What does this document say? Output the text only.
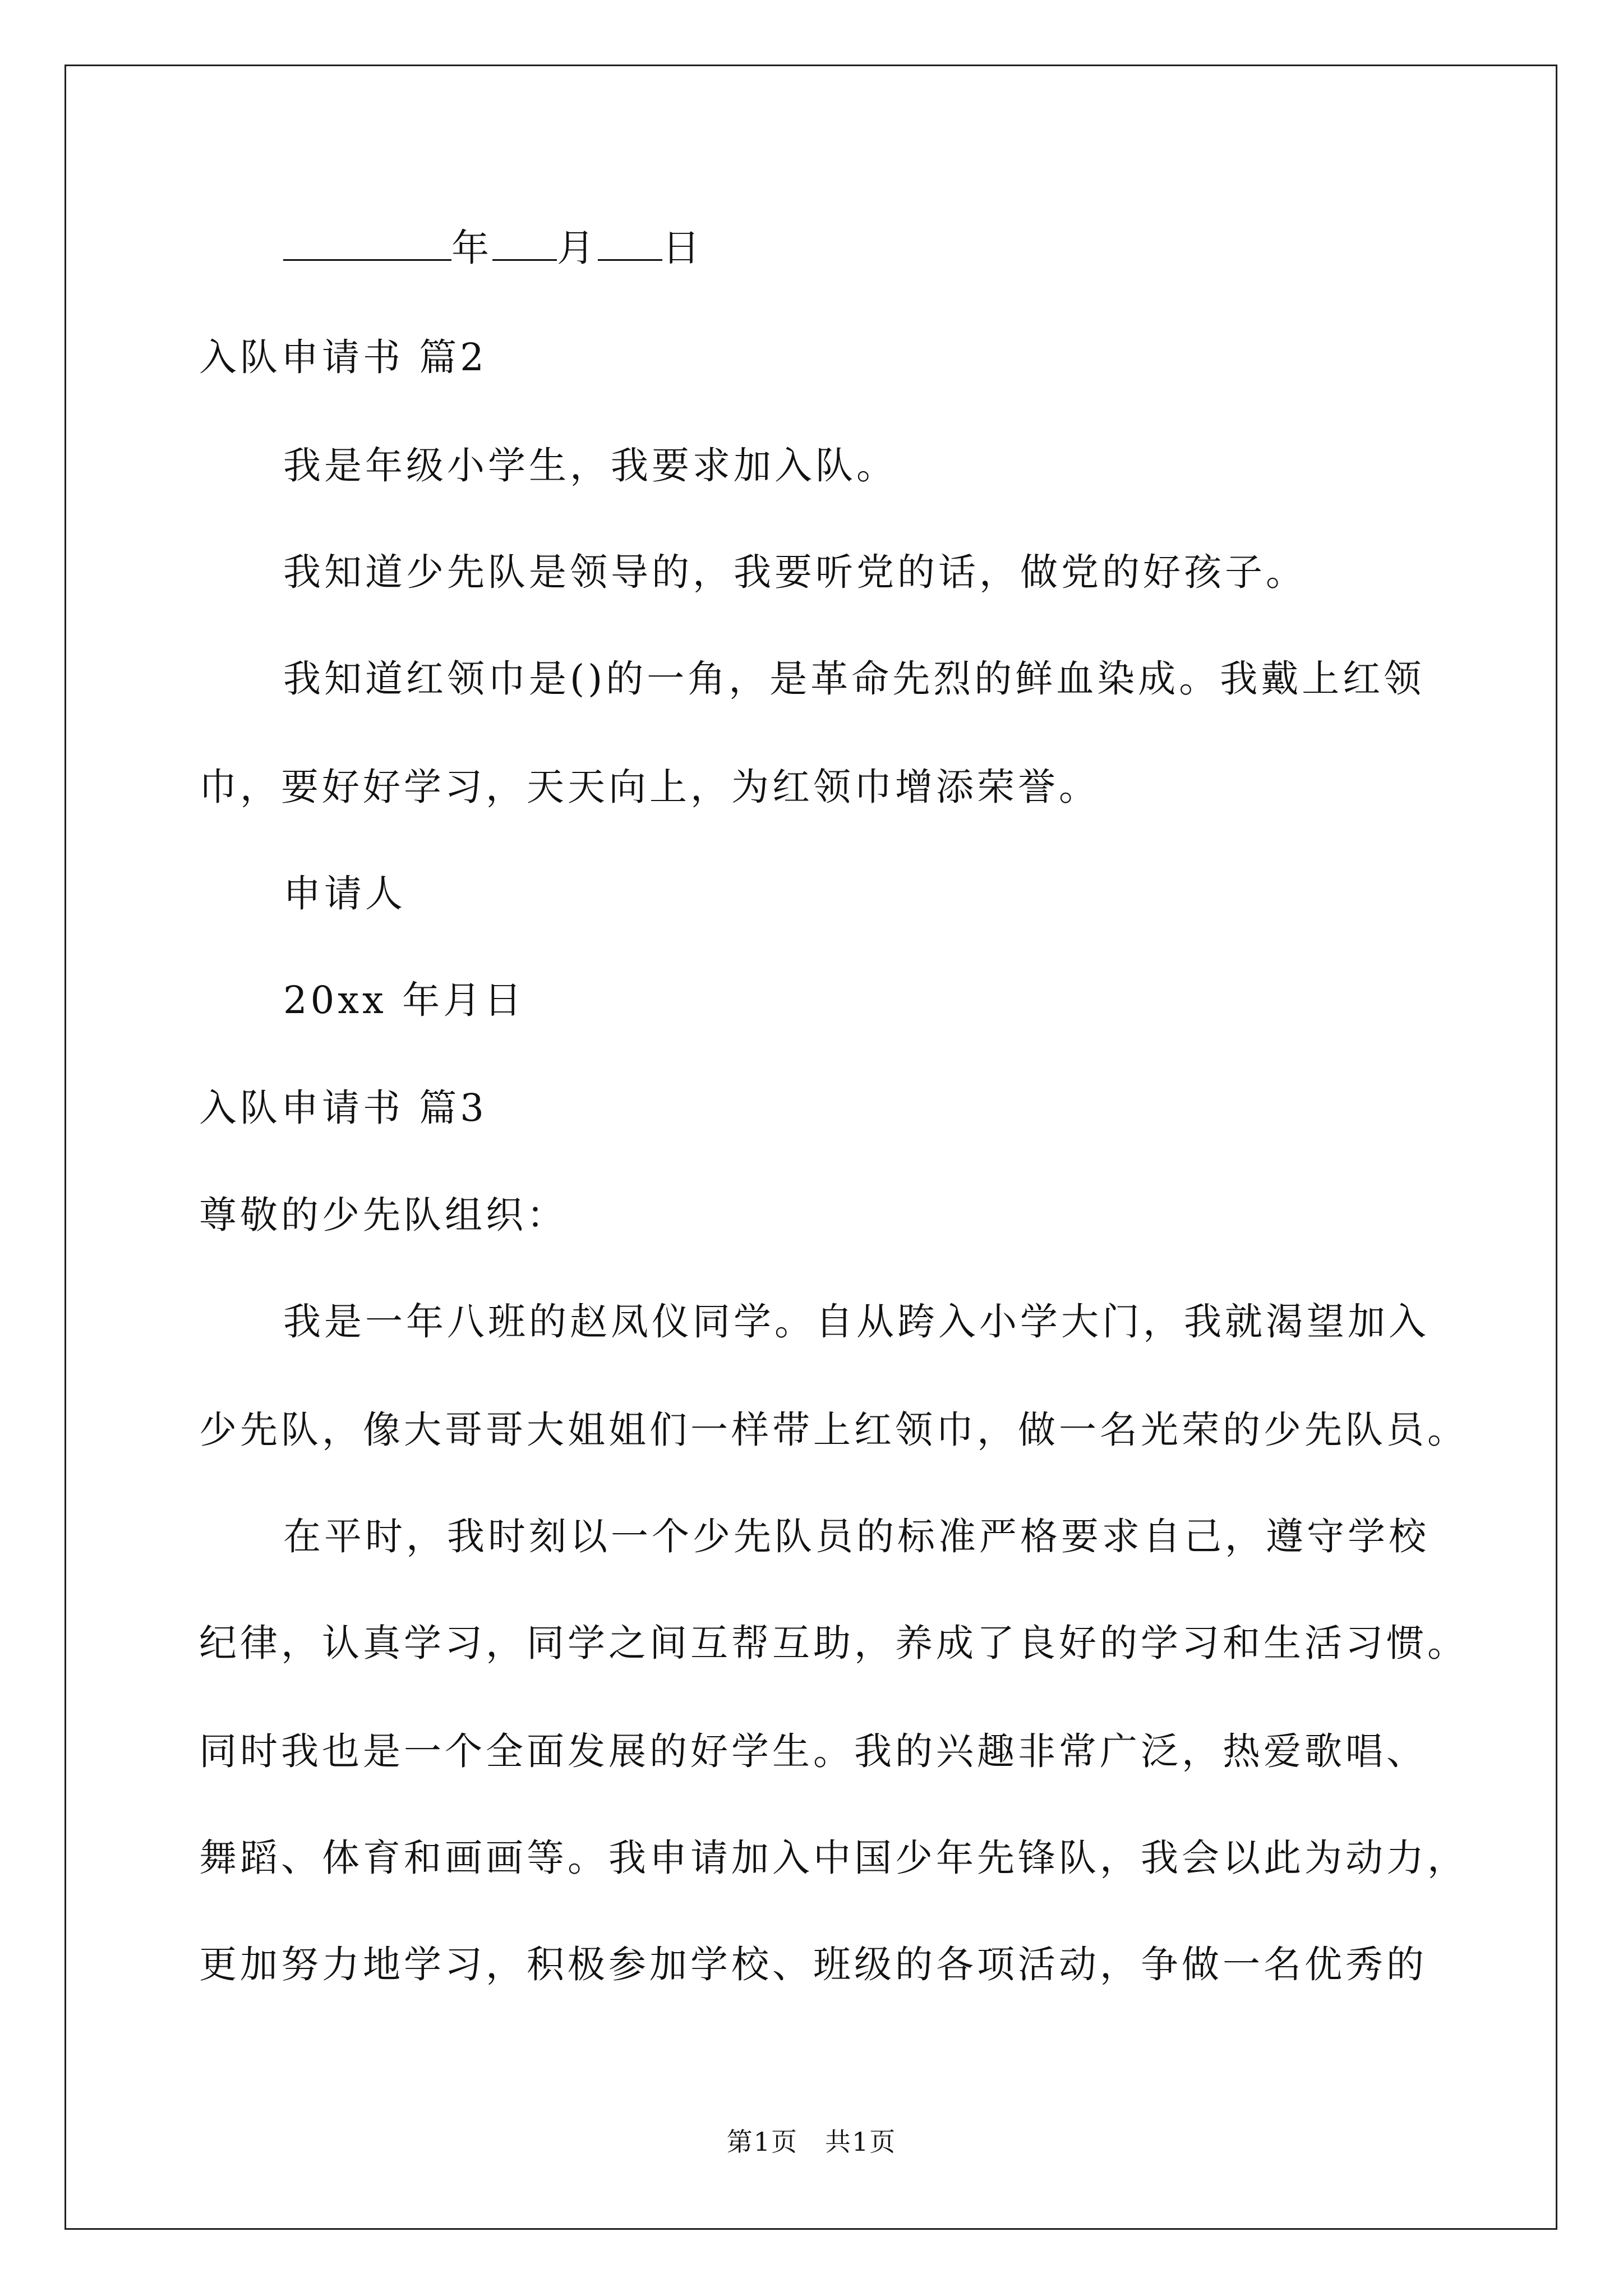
年 月 日
入队申请书 篇2
我是年级小学生，我要求加入队。
我知道少先队是领导的，我要听党的话，做党的好孩子。
我知道红领巾是()的一角，是革命先烈的鲜血染成。我戴上红领
巾，要好好学习，天天向上，为红领巾增添荣誉。
申请人
20xx 年月日
入队申请书 篇3
尊敬的少先队组织：
我是一年八班的赵凤仪同学。自从跨入小学大门，我就渴望加入
少先队，像大哥哥大姐姐们一样带上红领巾，做一名光荣的少先队员。
在平时，我时刻以一个少先队员的标准严格要求自己，遵守学校
纪律，认真学习，同学之间互帮互助，养成了良好的学习和生活习惯。
同时我也是一个全面发展的好学生。我的兴趣非常广泛，热爱歌唱、
舞蹈、体育和画画等。我申请加入中国少年先锋队，我会以此为动力，
更加努力地学习，积极参加学校、班级的各项活动，争做一名优秀的
第1页　共1页
